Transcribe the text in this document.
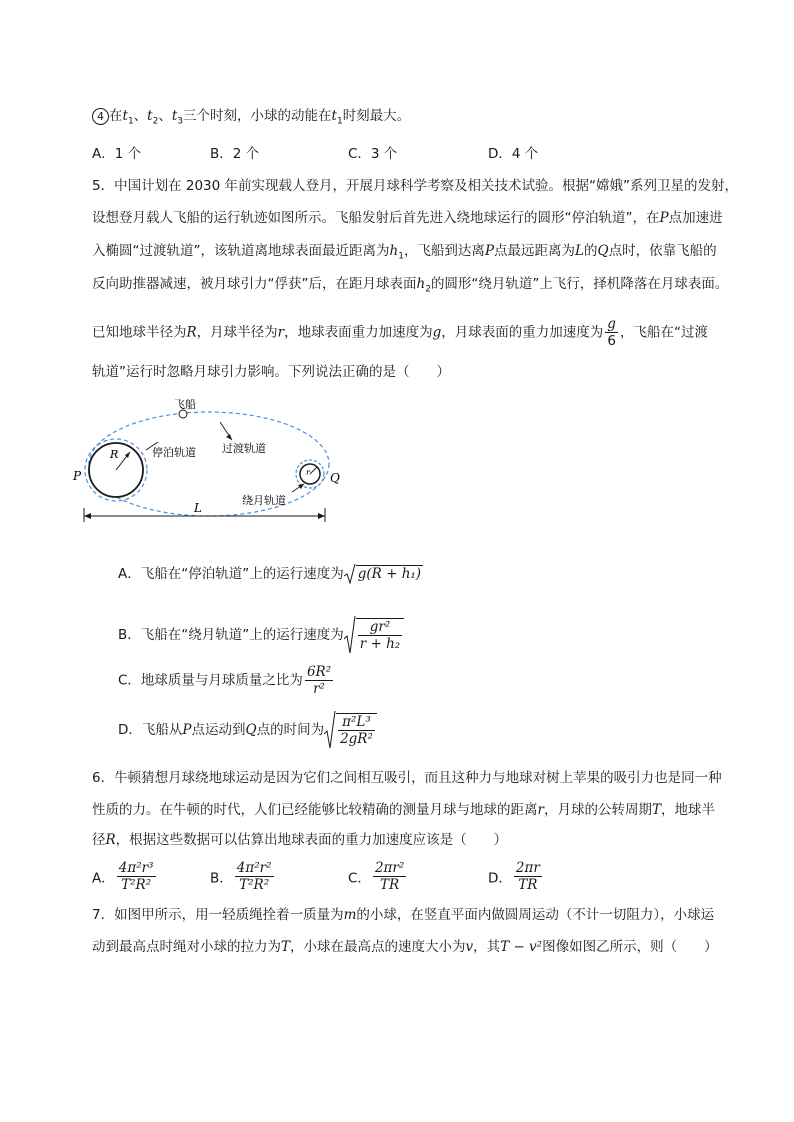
4 在$t_1$、$t_2$、$t_3$三个时刻，小球的动能在$t_1$时刻最大。
A．1 个	B．2 个	C．3 个	D．4 个
5．中国计划在 2030 年前实现载人登月，开展月球科学考察及相关技术试验。根据“嫦娥”系列卫星的发射，
设想登月载人飞船的运行轨迹如图所示。飞船发射后首先进入绕地球运行的圆形“停泊轨道”，在P点加速进
入椭圆“过渡轨道”，该轨道离地球表面最近距离为$h_1$，飞船到达离P点最远距离为L的Q点时，依靠飞船的
反向助推器减速，被月球引力“俘获”后，在距月球表面$h_2$的圆形“绕月轨道”上飞行，择机降落在月球表面。
已知地球半径为R，月球半径为r，地球表面重力加速度为g，月球表面的重力加速度为 $\frac{g}{6}$ ，飞船在“过渡
轨道”运行时忽略月球引力影响。下列说法正确的是（　　）
飞船
停泊轨道 过渡轨道
绕月轨道
P	Q
R
r
L
A．飞船在“停泊轨道”上的运行速度为 g(R + h₁)
B．飞船在“绕月轨道”上的运行速度为 $\frac{\text{gr²}}{\text{r + h₂}}$
C．地球质量与月球质量之比为 $\frac{\text{6R²}}{\text{r²}}$
D．飞船从P点运动到Q点的时间为 $\frac{\text{π²L³}}{\text{2gR²}}$
6．牛顿猜想月球绕地球运动是因为它们之间相互吸引，而且这种力与地球对树上苹果的吸引力也是同一种
性质的力。在牛顿的时代，人们已经能够比较精确的测量月球与地球的距离r，月球的公转周期T，地球半
径R，根据这些数据可以估算出地球表面的重力加速度应该是（　　）
A． $\frac{\text{4π²r³}}{\text{T²R²}}$	B． $\frac{\text{4π²r²}}{\text{T²R²}}$	C． $\frac{\text{2πr²}}{TR}$	D． $\frac{2\pi r}{TR}$
7．如图甲所示，用一轻质绳拴着一质量为m的小球，在竖直平面内做圆周运动（不计一切阻力），小球运
动到最高点时绳对小球的拉力为T，小球在最高点的速度大小为v，其T − v²图像如图乙所示，则（　　）
